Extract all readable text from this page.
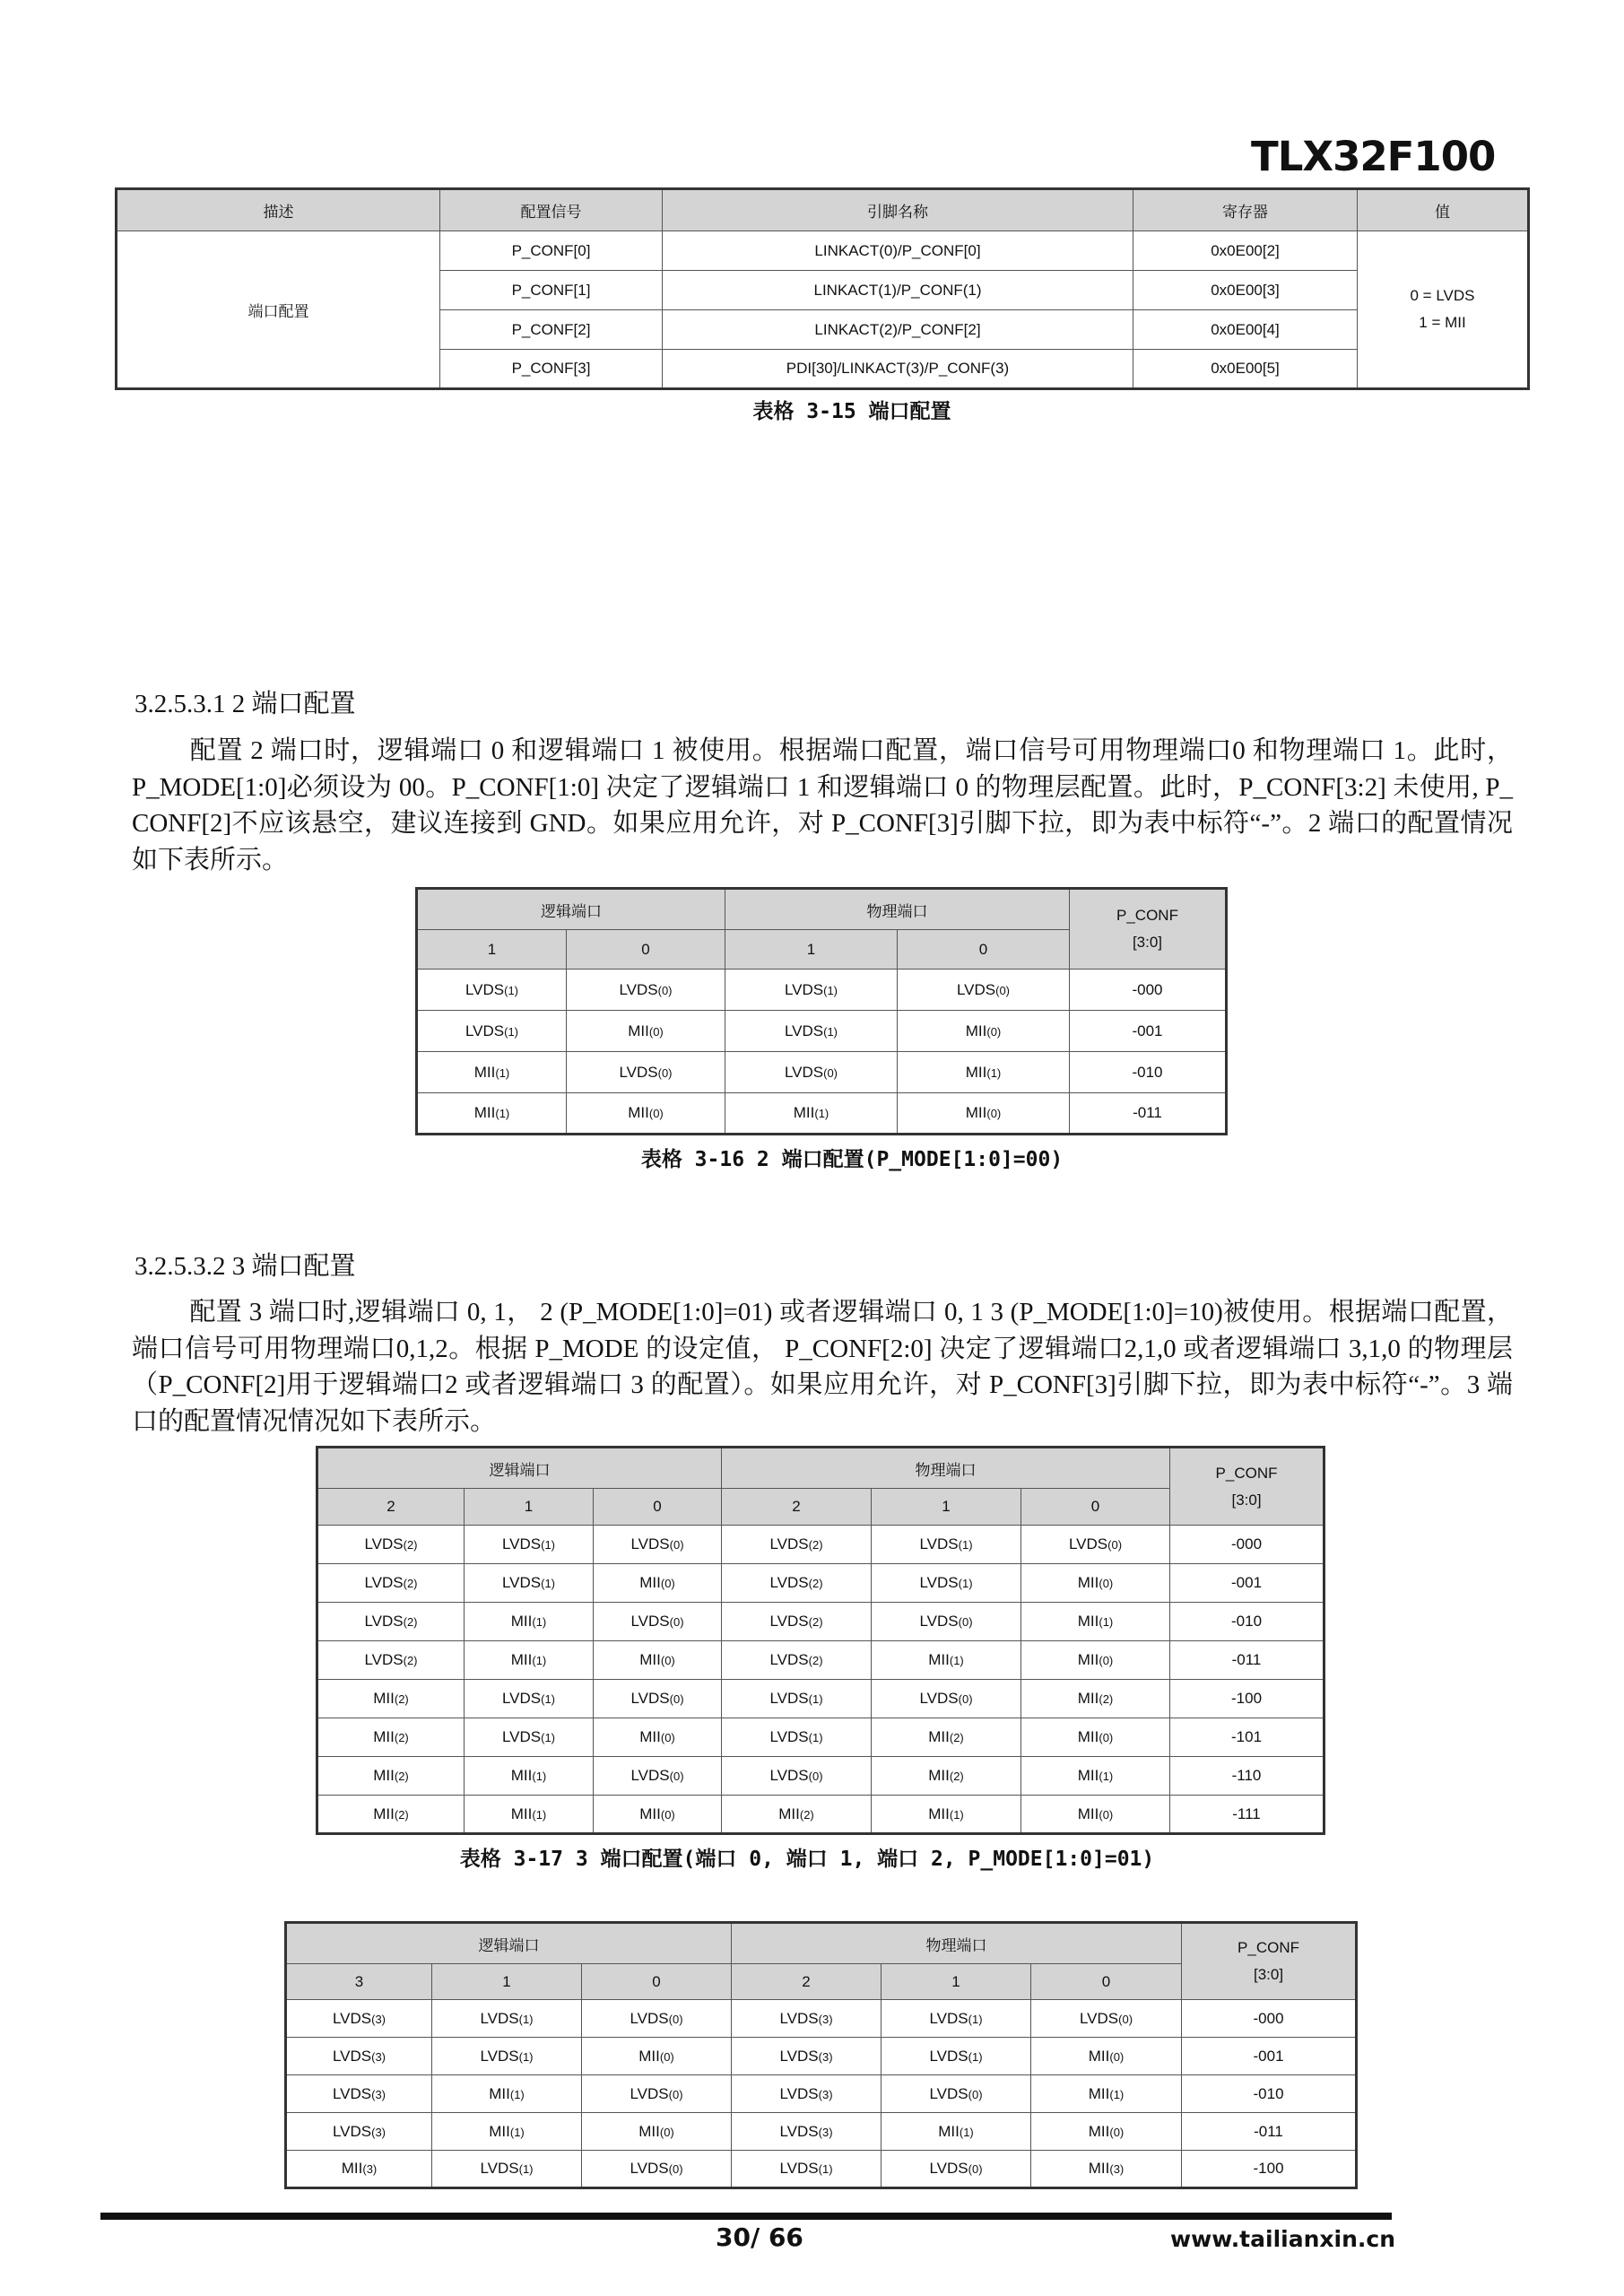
TLX32F100
描述	配置信号	引脚名称	寄存器	值
端口配置	P_CONF[0]	LINKACT(0)/P_CONF[0]	0x0E00[2]	0 = LVDS
1 = MII

	P_CONF[1]	LINKACT(1)/P_CONF(1)	0x0E00[3]	
	P_CONF[2]	LINKACT(2)/P_CONF[2]	0x0E00[4]	
	P_CONF[3]	PDI[30]/LINKACT(3)/P_CONF(3)	0x0E00[5]	
表格 3-15 端口配置
3.2.5.3.1 2 端口配置
配置 2 端口时，逻辑端口 0 和逻辑端口 1 被使用。根据端口配置，端口信号可用物理端口0 和物理端口 1。此时，P_MODE[1:0]必须设为 00。P_CONF[1:0] 决定了逻辑端口 1 和逻辑端口 0 的物理层配置。此时，P_CONF[3:2] 未使用, P_ CONF[2]不应该悬空，建议连接到 GND。如果应用允许，对 P_CONF[3]引脚下拉，即为表中标符“-”。2 端口的配置情况如下表所示。
逻辑端口		物理端口		P_CONF
[3:0]

1	0	1	0	
LVDS(1)	LVDS(0)	LVDS(1)	LVDS(0)	-000
LVDS(1)	MII(0)	LVDS(1)	MII(0)	-001
MII(1)	LVDS(0)	LVDS(0)	MII(1)	-010
MII(1)	MII(0)	MII(1)	MII(0)	-011
表格 3-16 2 端口配置(P_MODE[1:0]=00)
3.2.5.3.2 3 端口配置
配置 3 端口时,逻辑端口 0, 1， 2 (P_MODE[1:0]=01) 或者逻辑端口 0, 1 3 (P_MODE[1:0]=10)被使用。根据端口配置，端口信号可用物理端口0,1,2。根据 P_MODE 的设定值， P_CONF[2:0] 决定了逻辑端口2,1,0 或者逻辑端口 3,1,0 的物理层（P_CONF[2]用于逻辑端口2 或者逻辑端口 3 的配置）。如果应用允许，对 P_CONF[3]引脚下拉，即为表中标符“-”。3 端口的配置情况情况如下表所示。
逻辑端口			物理端口			P_CONF
[3:0]

2	1	0	2	1	0	
LVDS(2)	LVDS(1)	LVDS(0)	LVDS(2)	LVDS(1)	LVDS(0)	-000
LVDS(2)	LVDS(1)	MII(0)	LVDS(2)	LVDS(1)	MII(0)	-001
LVDS(2)	MII(1)	LVDS(0)	LVDS(2)	LVDS(0)	MII(1)	-010
LVDS(2)	MII(1)	MII(0)	LVDS(2)	MII(1)	MII(0)	-011
MII(2)	LVDS(1)	LVDS(0)	LVDS(1)	LVDS(0)	MII(2)	-100
MII(2)	LVDS(1)	MII(0)	LVDS(1)	MII(2)	MII(0)	-101
MII(2)	MII(1)	LVDS(0)	LVDS(0)	MII(2)	MII(1)	-110
MII(2)	MII(1)	MII(0)	MII(2)	MII(1)	MII(0)	-111
表格 3-17 3 端口配置(端口 0, 端口 1, 端口 2, P_MODE[1:0]=01)
逻辑端口			物理端口			P_CONF
[3:0]

3	1	0	2	1	0	
LVDS(3)	LVDS(1)	LVDS(0)	LVDS(3)	LVDS(1)	LVDS(0)	-000
LVDS(3)	LVDS(1)	MII(0)	LVDS(3)	LVDS(1)	MII(0)	-001
LVDS(3)	MII(1)	LVDS(0)	LVDS(3)	LVDS(0)	MII(1)	-010
LVDS(3)	MII(1)	MII(0)	LVDS(3)	MII(1)	MII(0)	-011
MII(3)	LVDS(1)	LVDS(0)	LVDS(1)	LVDS(0)	MII(3)	-100
30/ 66	www.tailianxin.cn
